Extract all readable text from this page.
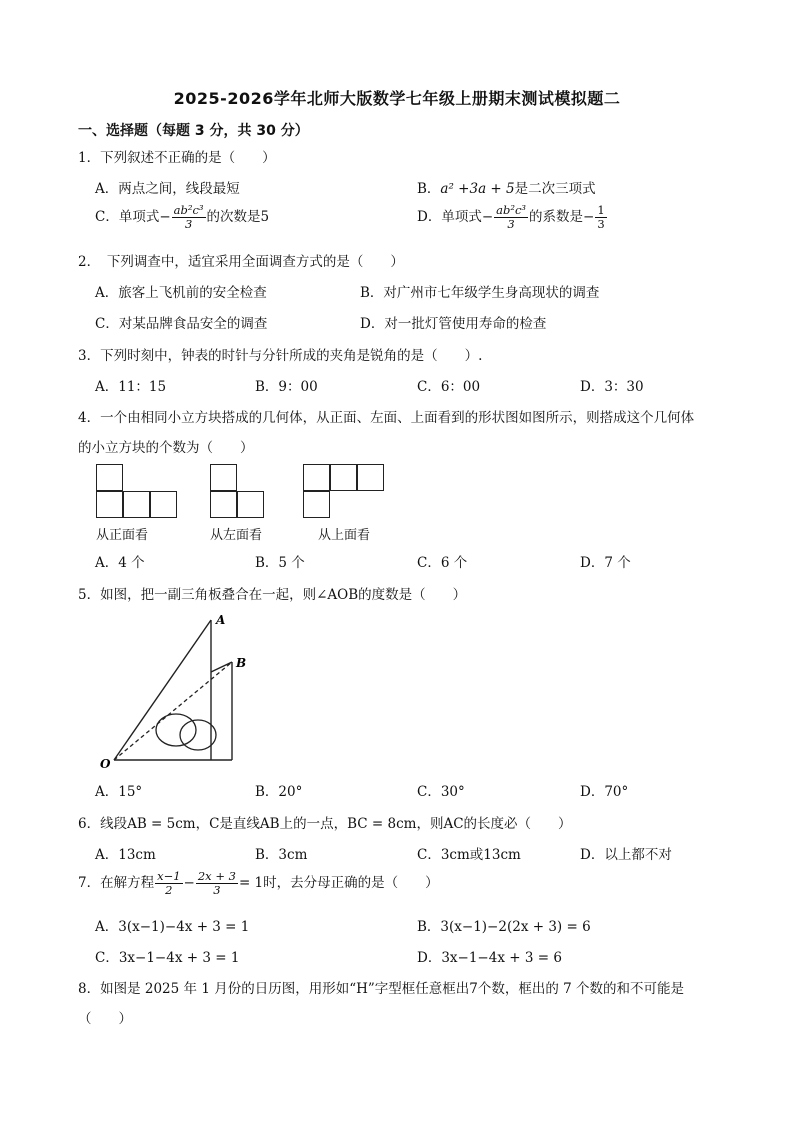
2025-2026学年北师大版数学七年级上册期末测试模拟题二
一、选择题（每题 3 分，共 30 分）
1．下列叙述不正确的是（　　）
A．两点之间，线段最短	B．a² +3a + 5是二次三项式
C．单项式− $\frac{\text{ab²c³}}{3}$ 的次数是5	D．单项式− $\frac{\text{ab²c³}}{3}$ 的系数是− $\frac{1}{3}$
2．　下列调查中，适宜采用全面调查方式的是（　　）
A．旅客上飞机前的安全检查	B．对广州市七年级学生身高现状的调查
C．对某品牌食品安全的调查	D．对一批灯管使用寿命的检查
3．下列时刻中，钟表的时针与分针所成的夹角是锐角的是（　　）.
A．11：15	B．9：00	C．6：00	D．3：30
4．一个由相同小立方块搭成的几何体，从正面、左面、上面看到的形状图如图所示，则搭成这个几何体
的小立方块的个数为（　　）
从正面看	从左面看	从上面看
A．4 个	B．5 个	C．6 个	D．7 个
5．如图，把一副三角板叠合在一起，则∠AOB的度数是（　　）
A
B
O
A．15°	B．20°	C．30°	D．70°
6．线段AB = 5cm，C是直线AB上的一点，BC = 8cm，则AC的长度必（　　）
A．13cm	B．3cm	C．3cm或13cm	D．以上都不对
7．在解方程 $\frac{x-1}{2} - \frac{2x + 3}{3} = 1$时，去分母正确的是（　　）
A．3(x−1)−4x + 3 = 1	B．3(x−1)−2(2x + 3) = 6
C．3x−1−4x + 3 = 1	D．3x−1−4x + 3 = 6
8．如图是 2025 年 1 月份的日历图，用形如“H”字型框任意框出7个数，框出的 7 个数的和不可能是
（　　）
